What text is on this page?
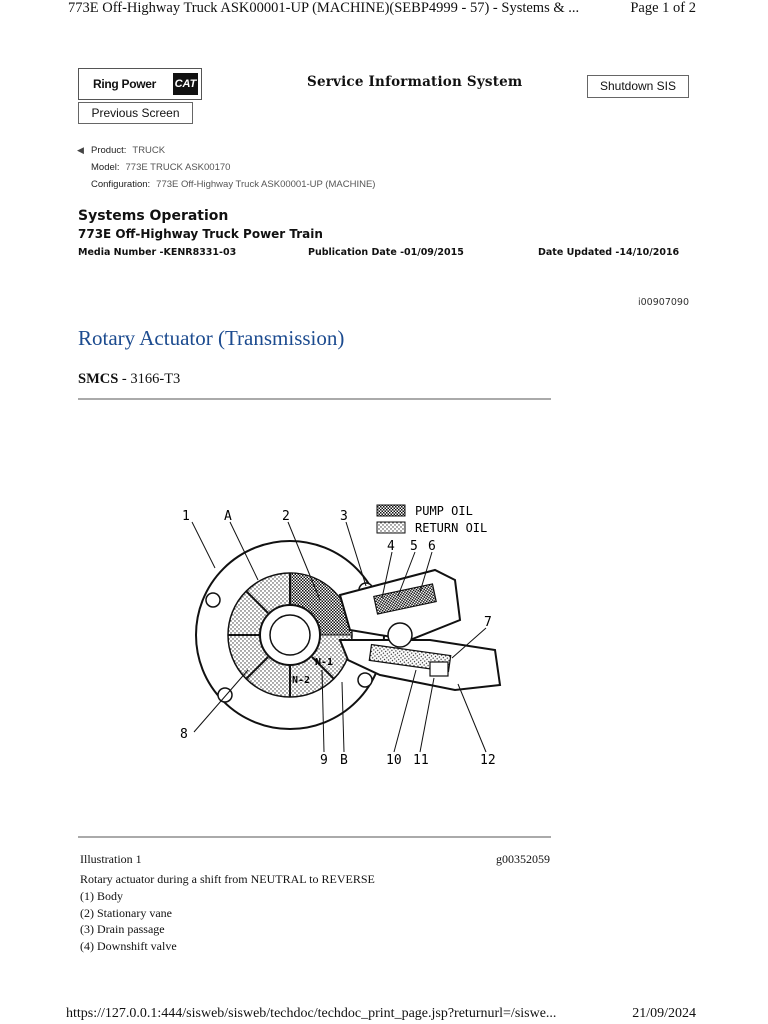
773E Off-Highway Truck ASK00001-UP (MACHINE)(SEBP4999 - 57) - Systems & ...	Page 1 of 2
Ring Power CAT
Previous Screen
Service Information System	Shutdown SIS
◀ Product: TRUCK
Model: 773E TRUCK ASK00170
Configuration: 773E Off-Highway Truck ASK00001-UP (MACHINE)
Systems Operation
773E Off-Highway Truck Power Train
Media Number -KENR8331-03	Publication Date -01/09/2015	Date Updated -14/10/2016
i00907090
Rotary Actuator (Transmission)
SMCS - 3166-T3
PUMP OIL
RETURN OIL
N-1
N-2
1	A	2	3
4 5 6
7
8
9 B	10 11	12
Illustration 1	g00352059
Rotary actuator during a shift from NEUTRAL to REVERSE
(1) Body
(2) Stationary vane
(3) Drain passage
(4) Downshift valve
https://127.0.0.1:444/sisweb/sisweb/techdoc/techdoc_print_page.jsp?returnurl=/siswe...	21/09/2024
